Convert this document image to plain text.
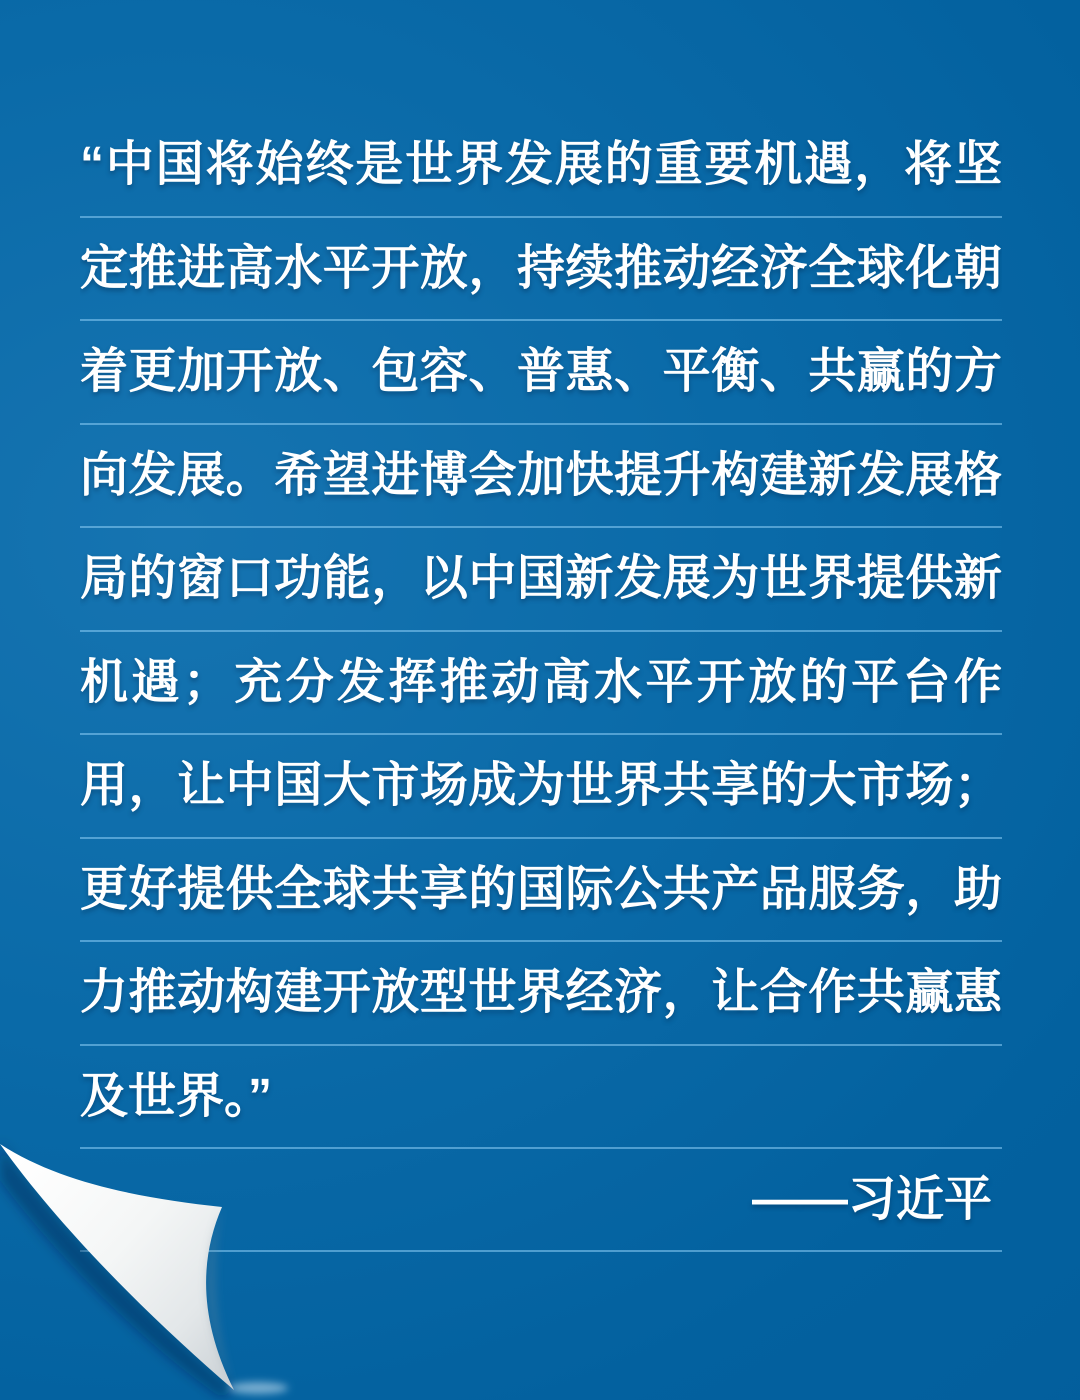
“中国将始终是世界发展的重要机遇，将坚
定推进高水平开放，持续推动经济全球化朝
着更加开放、包容、普惠、平衡、共赢的方
向发展。希望进博会加快提升构建新发展格
局的窗口功能，以中国新发展为世界提供新
机遇；充分发挥推动高水平开放的平台作
用，让中国大市场成为世界共享的大市场；
更好提供全球共享的国际公共产品服务，助
力推动构建开放型世界经济，让合作共赢惠
及世界。”
——习近平
